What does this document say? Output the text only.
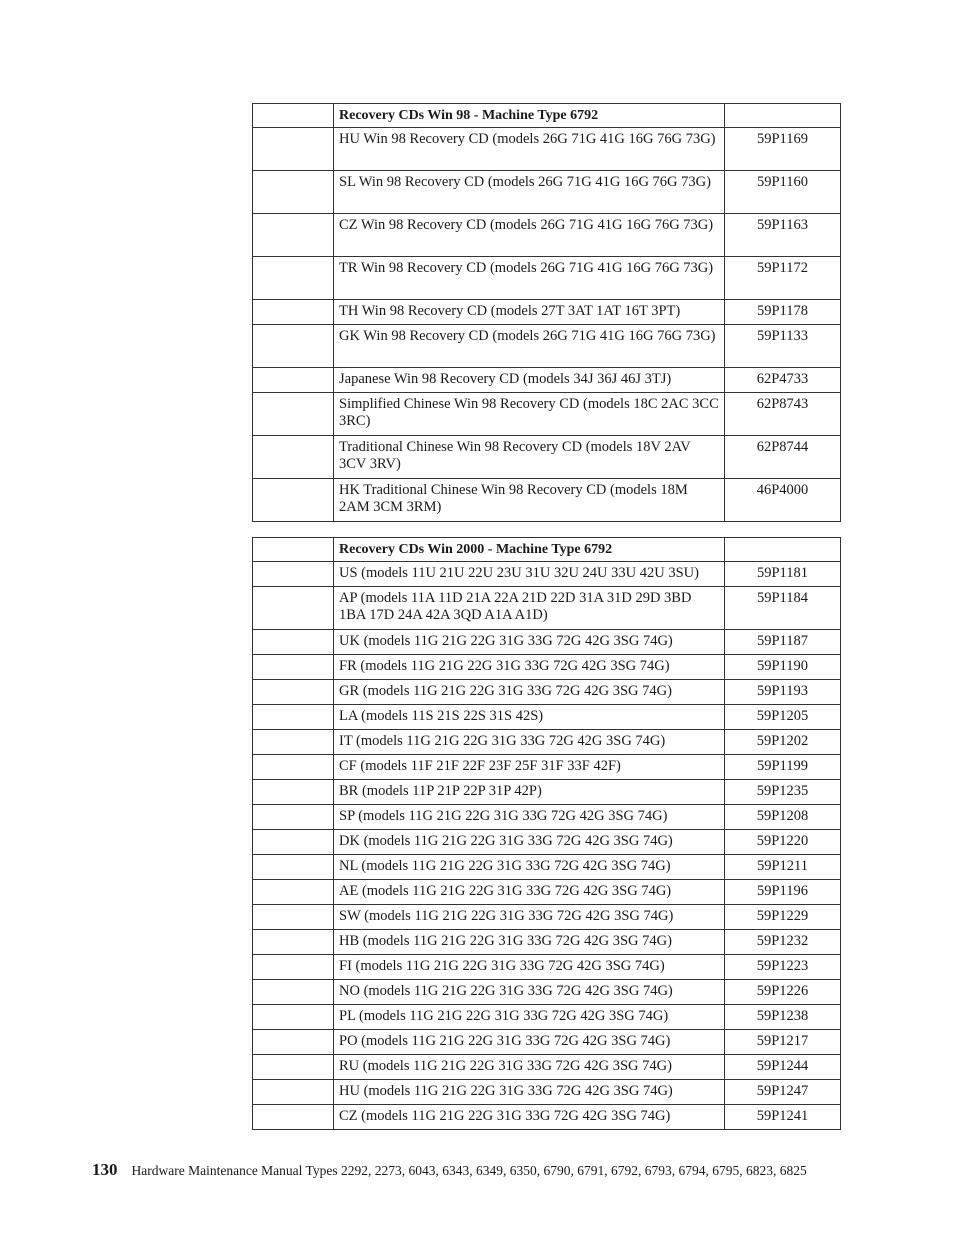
	Recovery CDs Win 98 - Machine Type 6792	
	HU Win 98 Recovery CD (models 26G 71G 41G 16G 76G 73G)	59P1169
	SL Win 98 Recovery CD (models 26G 71G 41G 16G 76G 73G)	59P1160
	CZ Win 98 Recovery CD (models 26G 71G 41G 16G 76G 73G)	59P1163
	TR Win 98 Recovery CD (models 26G 71G 41G 16G 76G 73G)	59P1172
	TH Win 98 Recovery CD (models 27T 3AT 1AT 16T 3PT)	59P1178
	GK Win 98 Recovery CD (models 26G 71G 41G 16G 76G 73G)	59P1133
	Japanese Win 98 Recovery CD (models 34J 36J 46J 3TJ)	62P4733
	Simplified Chinese Win 98 Recovery CD (models 18C 2AC 3CC 3RC)	62P8743
	Traditional Chinese Win 98 Recovery CD (models 18V 2AV 3CV 3RV)	62P8744
	HK Traditional Chinese Win 98 Recovery CD (models 18M 2AM 3CM 3RM)	46P4000
	Recovery CDs Win 2000 - Machine Type 6792	
	US (models 11U 21U 22U 23U 31U 32U 24U 33U 42U 3SU)	59P1181
	AP (models 11A 11D 21A 22A 21D 22D 31A 31D 29D 3BD 1BA 17D 24A 42A 3QD A1A A1D)	59P1184
	UK (models 11G 21G 22G 31G 33G 72G 42G 3SG 74G)	59P1187
	FR (models 11G 21G 22G 31G 33G 72G 42G 3SG 74G)	59P1190
	GR (models 11G 21G 22G 31G 33G 72G 42G 3SG 74G)	59P1193
	LA (models 11S 21S 22S 31S 42S)	59P1205
	IT (models 11G 21G 22G 31G 33G 72G 42G 3SG 74G)	59P1202
	CF (models 11F 21F 22F 23F 25F 31F 33F 42F)	59P1199
	BR (models 11P 21P 22P 31P 42P)	59P1235
	SP (models 11G 21G 22G 31G 33G 72G 42G 3SG 74G)	59P1208
	DK (models 11G 21G 22G 31G 33G 72G 42G 3SG 74G)	59P1220
	NL (models 11G 21G 22G 31G 33G 72G 42G 3SG 74G)	59P1211
	AE (models 11G 21G 22G 31G 33G 72G 42G 3SG 74G)	59P1196
	SW (models 11G 21G 22G 31G 33G 72G 42G 3SG 74G)	59P1229
	HB (models 11G 21G 22G 31G 33G 72G 42G 3SG 74G)	59P1232
	FI (models 11G 21G 22G 31G 33G 72G 42G 3SG 74G)	59P1223
	NO (models 11G 21G 22G 31G 33G 72G 42G 3SG 74G)	59P1226
	PL (models 11G 21G 22G 31G 33G 72G 42G 3SG 74G)	59P1238
	PO (models 11G 21G 22G 31G 33G 72G 42G 3SG 74G)	59P1217
	RU (models 11G 21G 22G 31G 33G 72G 42G 3SG 74G)	59P1244
	HU (models 11G 21G 22G 31G 33G 72G 42G 3SG 74G)	59P1247
	CZ (models 11G 21G 22G 31G 33G 72G 42G 3SG 74G)	59P1241
130 Hardware Maintenance Manual Types 2292, 2273, 6043, 6343, 6349, 6350, 6790, 6791, 6792, 6793, 6794, 6795, 6823, 6825
